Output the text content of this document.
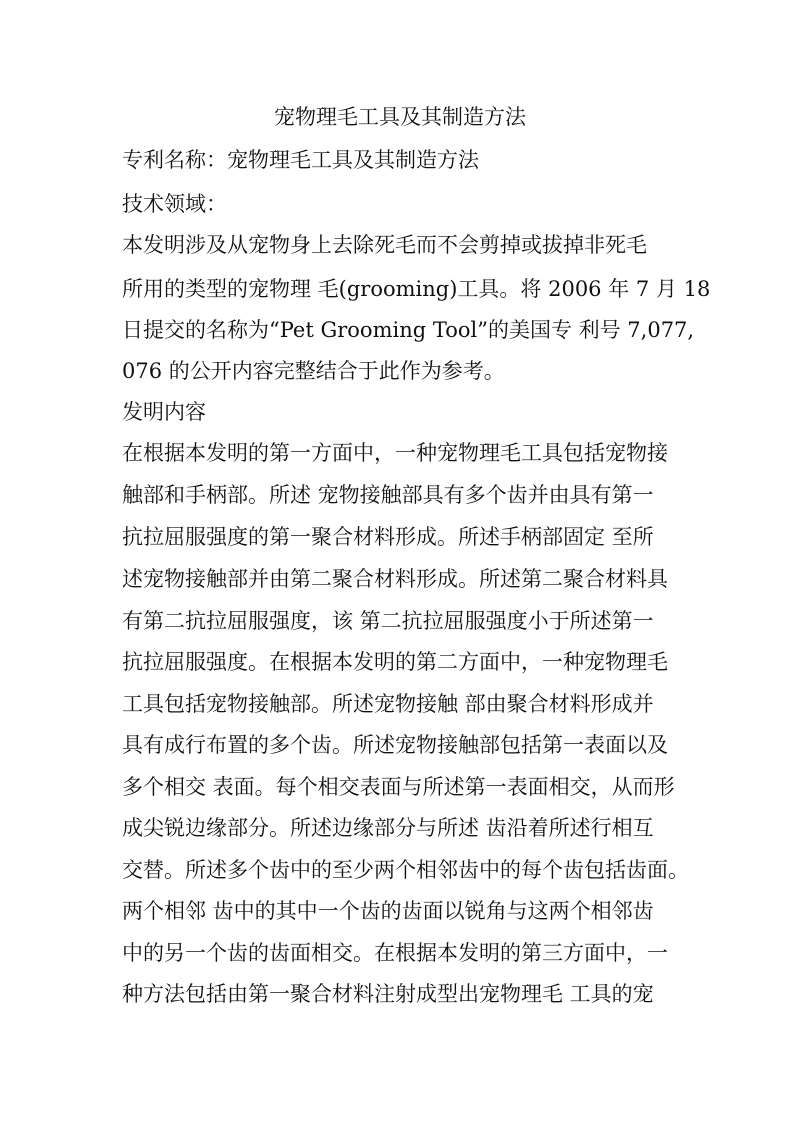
宠物理毛工具及其制造方法
专利名称：宠物理毛工具及其制造方法
技术领域：
本发明涉及从宠物身上去除死毛而不会剪掉或拔掉非死毛
所用的类型的宠物理 毛(grooming)工具。将 2006 年 7 月 18
日提交的名称为“Pet Grooming Tool”的美国专 利号 7,077,
076 的公开内容完整结合于此作为参考。
发明内容
在根据本发明的第一方面中，一种宠物理毛工具包括宠物接
触部和手柄部。所述 宠物接触部具有多个齿并由具有第一
抗拉屈服强度的第一聚合材料形成。所述手柄部固定 至所
述宠物接触部并由第二聚合材料形成。所述第二聚合材料具
有第二抗拉屈服强度，该 第二抗拉屈服强度小于所述第一
抗拉屈服强度。在根据本发明的第二方面中，一种宠物理毛
工具包括宠物接触部。所述宠物接触 部由聚合材料形成并
具有成行布置的多个齿。所述宠物接触部包括第一表面以及
多个相交 表面。每个相交表面与所述第一表面相交，从而形
成尖锐边缘部分。所述边缘部分与所述 齿沿着所述行相互
交替。所述多个齿中的至少两个相邻齿中的每个齿包括齿面。
两个相邻 齿中的其中一个齿的齿面以锐角与这两个相邻齿
中的另一个齿的齿面相交。在根据本发明的第三方面中，一
种方法包括由第一聚合材料注射成型出宠物理毛 工具的宠
